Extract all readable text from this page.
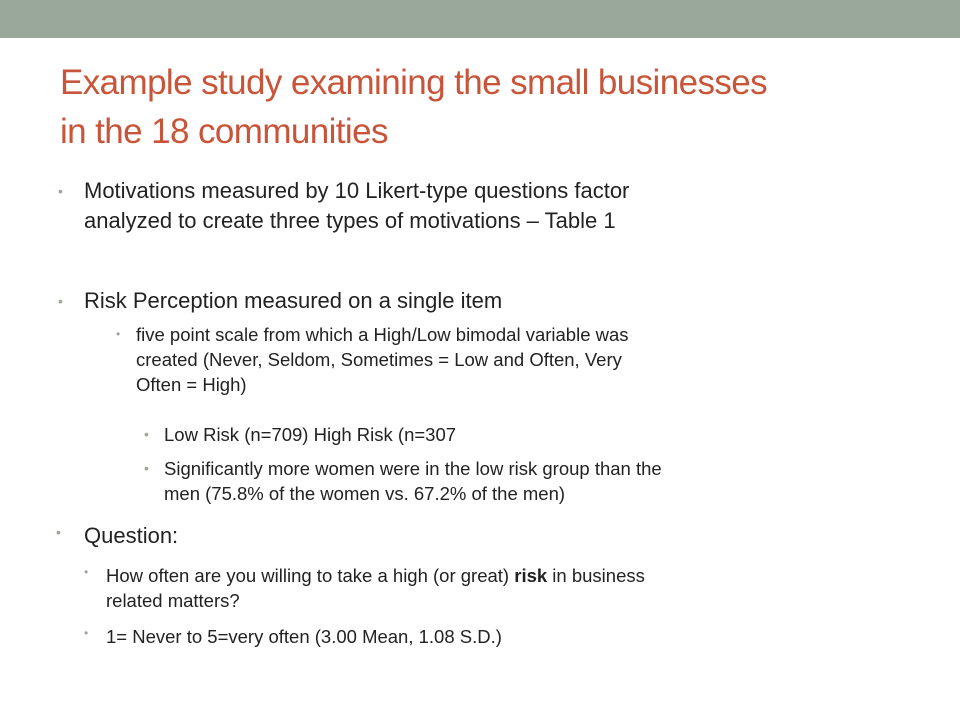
Example study examining the small businesses
in the 18 communities
• Motivations measured by 10 Likert-type questions factor
analyzed to create three types of motivations – Table 1
• Risk Perception measured on a single item
• five point scale from which a High/Low bimodal variable was
created (Never, Seldom, Sometimes = Low and Often, Very
Often = High)
• Low Risk (n=709) High Risk (n=307
• Significantly more women were in the low risk group than the
men (75.8% of the women vs. 67.2% of the men)
• Question:
• How often are you willing to take a high (or great) risk in business
related matters?
• 1= Never to 5=very often (3.00 Mean, 1.08 S.D.)
